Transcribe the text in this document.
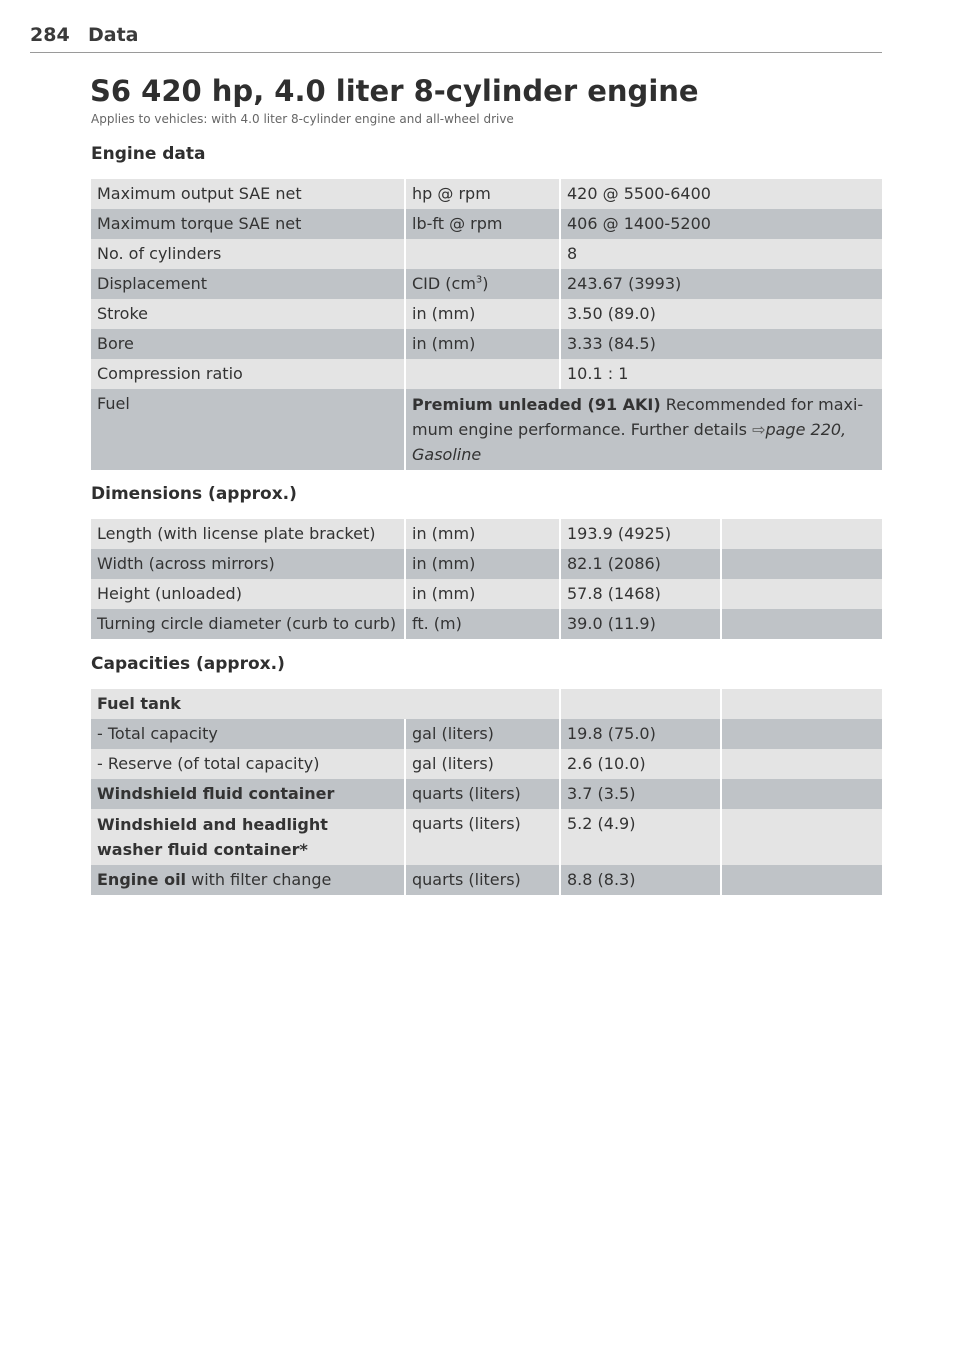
284 Data
S6 420 hp, 4.0 liter 8-cylinder engine
Applies to vehicles: with 4.0 liter 8-cylinder engine and all-wheel drive
Engine data
Maximum output SAE net	hp @ rpm	420 @ 5500-6400
Maximum torque SAE net	lb-ft @ rpm	406 @ 1400-5200
No. of cylinders		8
Displacement	CID $(cm^3)$	243.67 (3993)
Stroke	in (mm)	3.50 (89.0)
Bore	in (mm)	3.33 (84.5)
Compression ratio		10.1 : 1
Fuel	Premium unleaded (91 AKI) Recommended for maxi-mum engine performance. Further details ⇨page 220, Gasoline	
Dimensions (approx.)
Length (with license plate bracket)	in (mm)	193.9 (4925)	
Width (across mirrors)	in (mm)	82.1 (2086)	
Height (unloaded)	in (mm)	57.8 (1468)	
Turning circle diameter (curb to curb)	ft. (m)	39.0 (11.9)	
Capacities (approx.)
Fuel tank			
- Total capacity	gal (liters)	19.8 (75.0)	
- Reserve (of total capacity)	gal (liters)	2.6 (10.0)	
Windshield fluid container	quarts (liters)	3.7 (3.5)	
Windshield and headlight washer fluid container*	quarts (liters)	5.2 (4.9)	
Engine oil with filter change	quarts (liters)	8.8 (8.3)	
